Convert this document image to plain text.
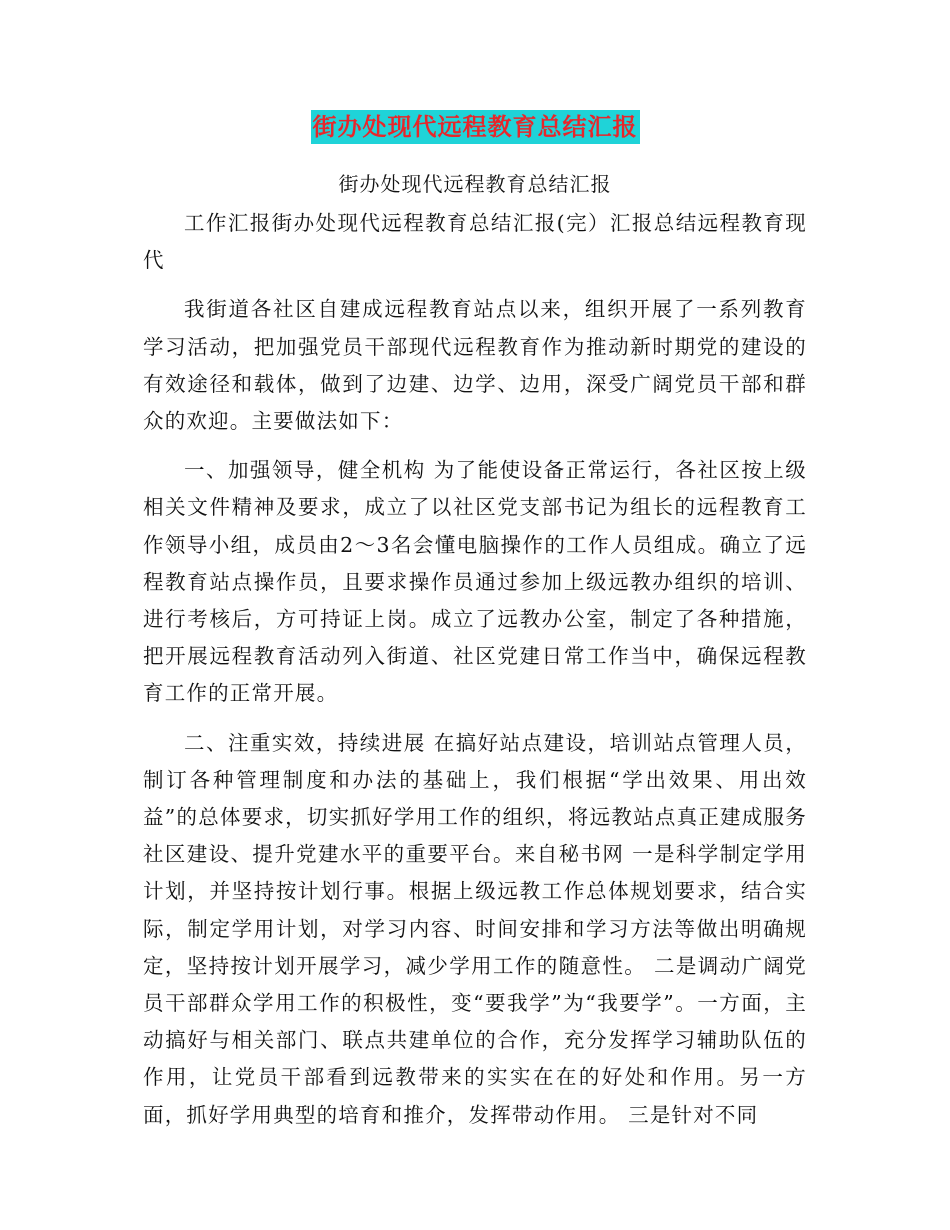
街办处现代远程教育总结汇报
街办处现代远程教育总结汇报

工作汇报街办处现代远程教育总结汇报(完）汇报总结远程教育现代

我街道各社区自建成远程教育站点以来，组织开展了一系列教育学习活动，把加强党员干部现代远程教育作为推动新时期党的建设的有效途径和载体，做到了边建、边学、边用，深受广阔党员干部和群众的欢迎。主要做法如下：

一、加强领导，健全机构 为了能使设备正常运行，各社区按上级相关文件精神及要求，成立了以社区党支部书记为组长的远程教育工作领导小组，成员由2～3名会懂电脑操作的工作人员组成。确立了远程教育站点操作员，且要求操作员通过参加上级远教办组织的培训、进行考核后，方可持证上岗。成立了远教办公室，制定了各种措施，把开展远程教育活动列入街道、社区党建日常工作当中，确保远程教育工作的正常开展。

二、注重实效，持续进展 在搞好站点建设，培训站点管理人员，制订各种管理制度和办法的基础上，我们根据“学出效果、用出效益”的总体要求，切实抓好学用工作的组织，将远教站点真正建成服务社区建设、提升党建水平的重要平台。来自秘书网 一是科学制定学用计划，并坚持按计划行事。根据上级远教工作总体规划要求，结合实际，制定学用计划，对学习内容、时间安排和学习方法等做出明确规定，坚持按计划开展学习，减少学用工作的随意性。 二是调动广阔党员干部群众学用工作的积极性，变“要我学”为“我要学”。一方面，主动搞好与相关部门、联点共建单位的合作，充分发挥学习辅助队伍的作用，让党员干部看到远教带来的实实在在的好处和作用。另一方面，抓好学用典型的培育和推介，发挥带动作用。 三是针对不同
